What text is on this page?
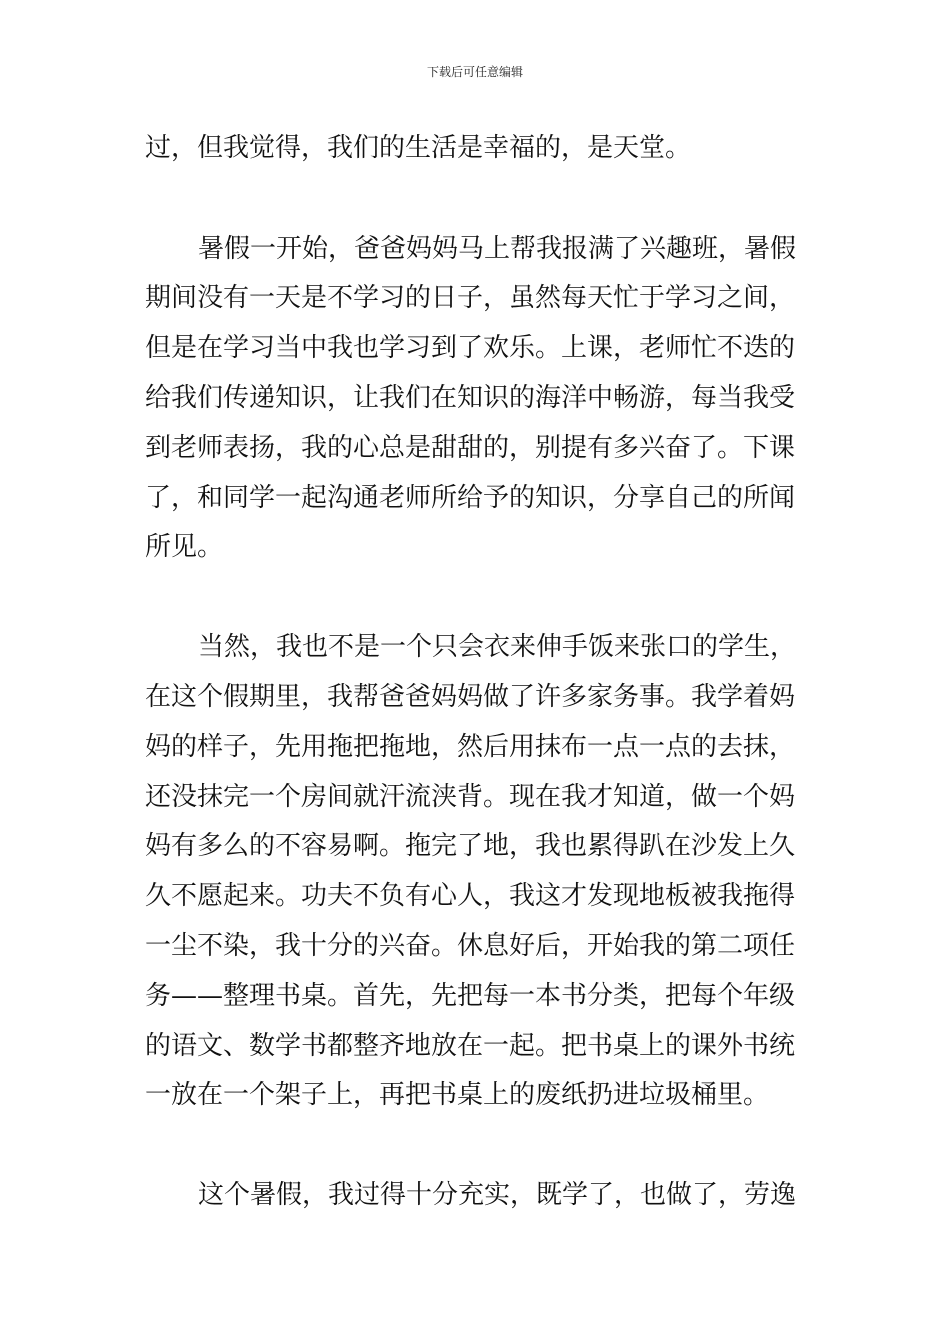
下载后可任意编辑
过，但我觉得，我们的生活是幸福的，是天堂。
暑假一开始，爸爸妈妈马上帮我报满了兴趣班，暑假
期间没有一天是不学习的日子，虽然每天忙于学习之间，
但是在学习当中我也学习到了欢乐。上课，老师忙不迭的
给我们传递知识，让我们在知识的海洋中畅游，每当我受
到老师表扬，我的心总是甜甜的，别提有多兴奋了。下课
了，和同学一起沟通老师所给予的知识，分享自己的所闻
所见。
当然，我也不是一个只会衣来伸手饭来张口的学生，
在这个假期里，我帮爸爸妈妈做了许多家务事。我学着妈
妈的样子，先用拖把拖地，然后用抹布一点一点的去抹，
还没抹完一个房间就汗流浃背。现在我才知道，做一个妈
妈有多么的不容易啊。拖完了地，我也累得趴在沙发上久
久不愿起来。功夫不负有心人，我这才发现地板被我拖得
一尘不染，我十分的兴奋。休息好后，开始我的第二项任
务——整理书桌。首先，先把每一本书分类，把每个年级
的语文、数学书都整齐地放在一起。把书桌上的课外书统
一放在一个架子上，再把书桌上的废纸扔进垃圾桶里。
这个暑假，我过得十分充实，既学了，也做了，劳逸
